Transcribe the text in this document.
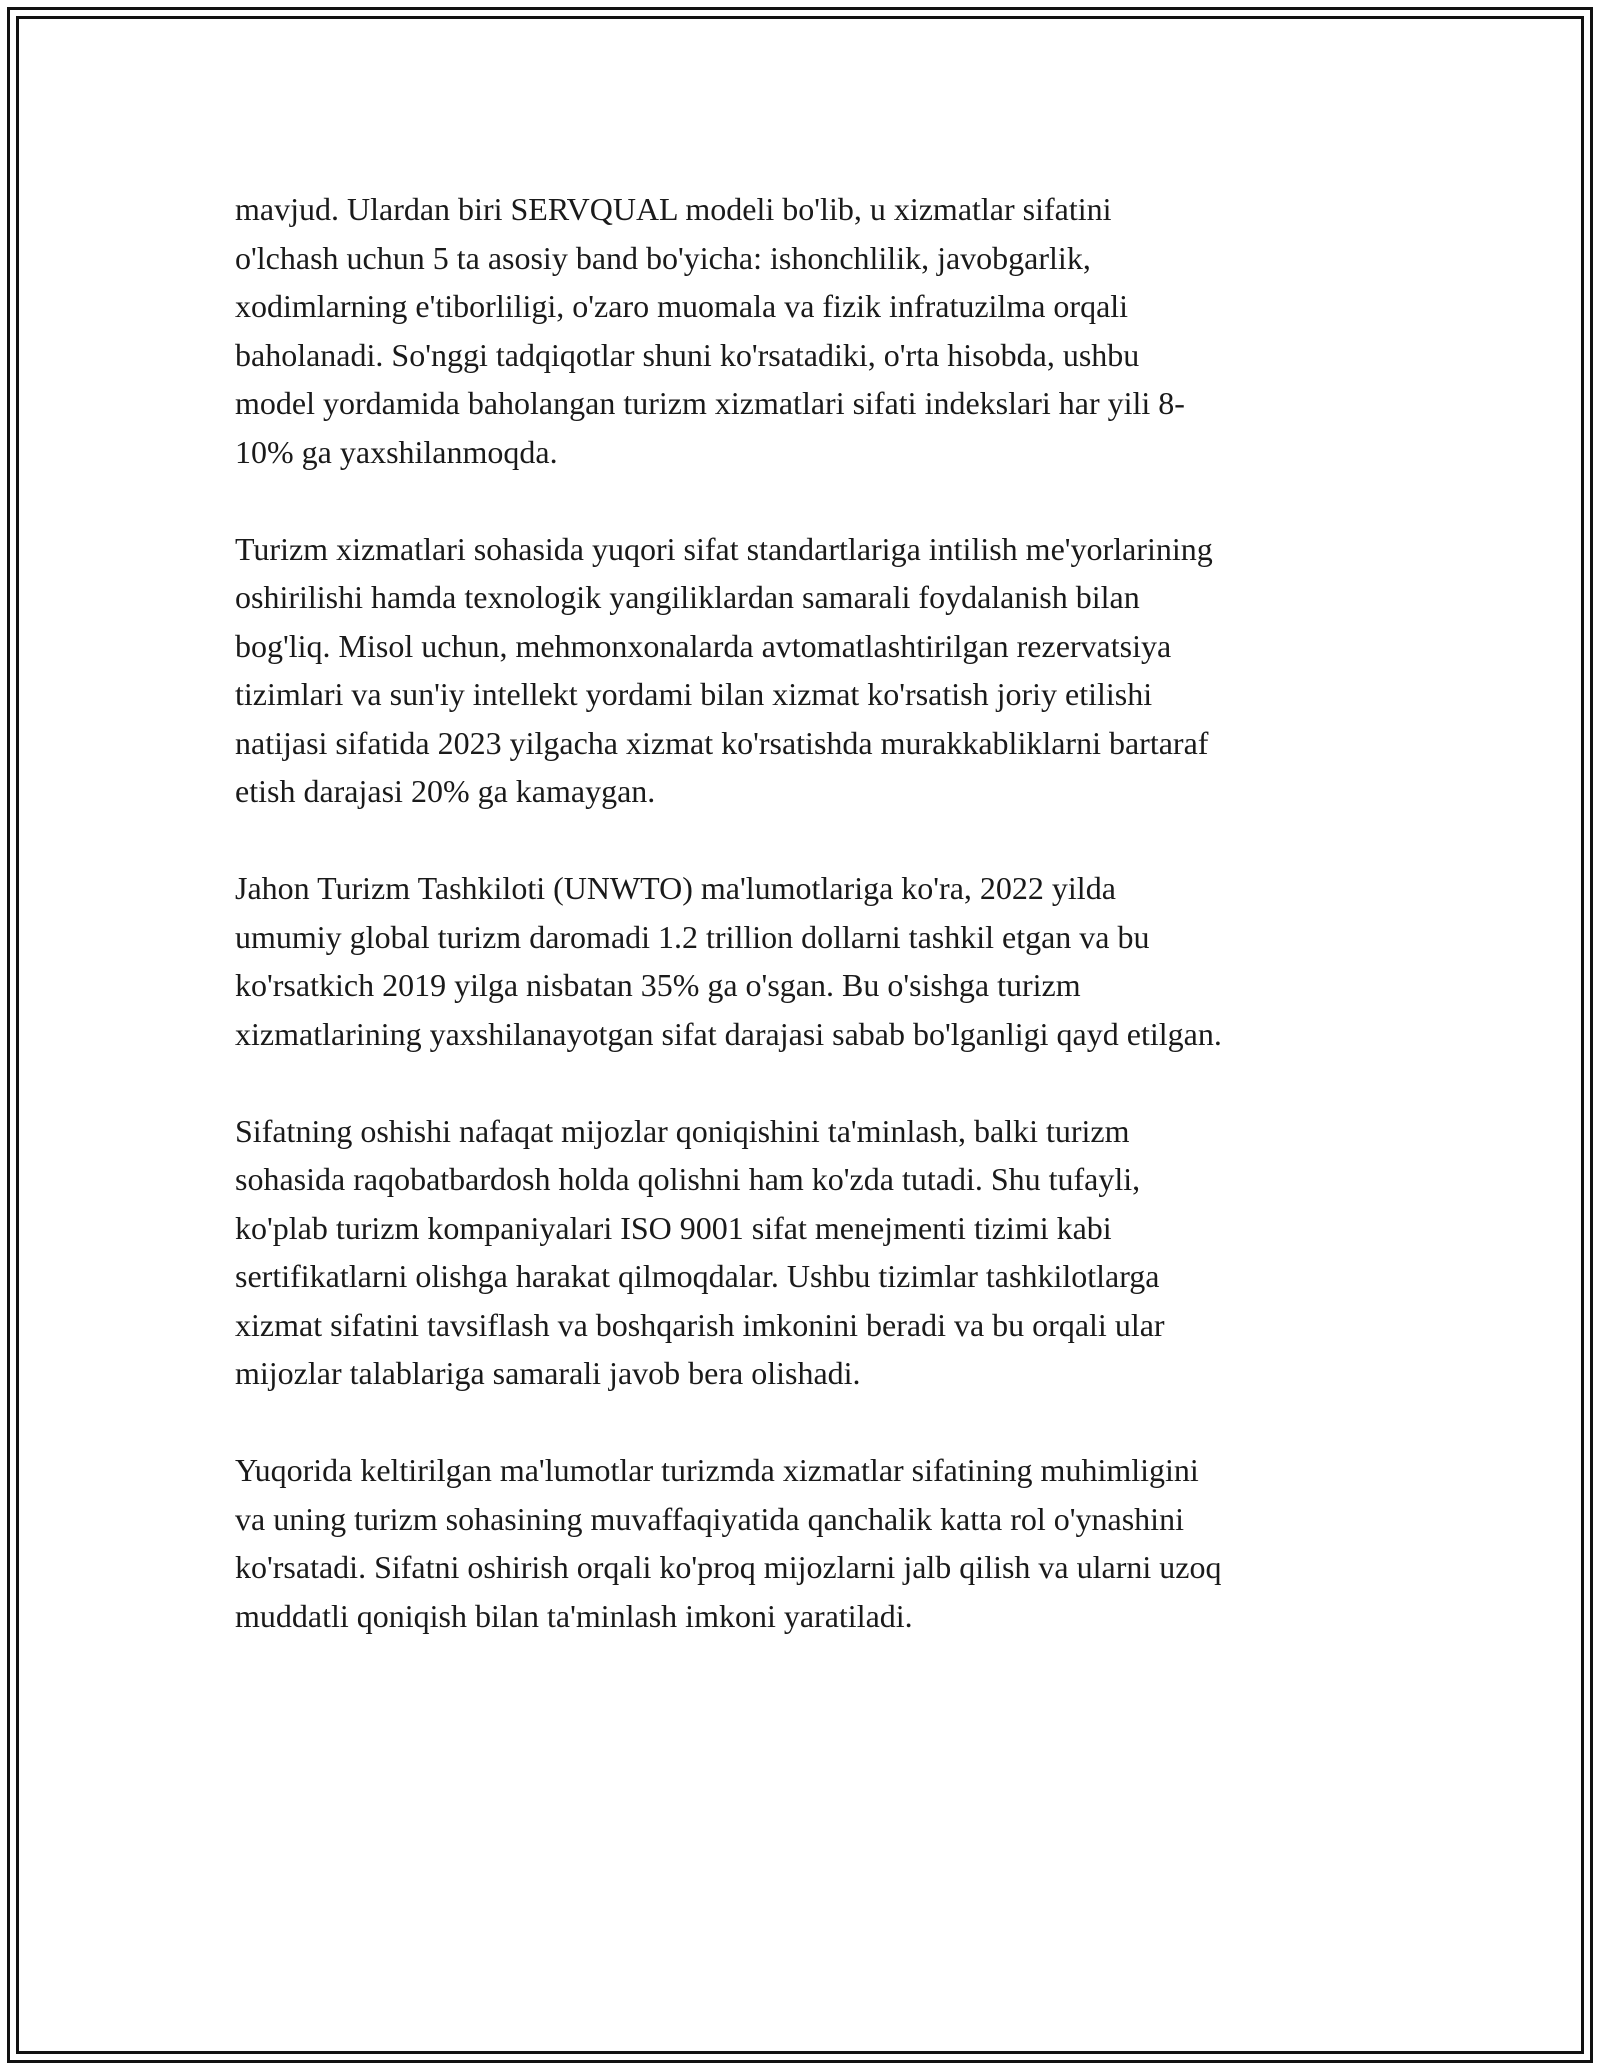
mavjud. Ulardan biri SERVQUAL modeli bo'lib, u xizmatlar sifatini
o'lchash uchun 5 ta asosiy band bo'yicha: ishonchlilik, javobgarlik,
xodimlarning e'tiborliligi, o'zaro muomala va fizik infratuzilma orqali
baholanadi. So'nggi tadqiqotlar shuni ko'rsatadiki, o'rta hisobda, ushbu
model yordamida baholangan turizm xizmatlari sifati indekslari har yili 8-
10% ga yaxshilanmoqda.

Turizm xizmatlari sohasida yuqori sifat standartlariga intilish me'yorlarining
oshirilishi hamda texnologik yangiliklardan samarali foydalanish bilan
bog'liq. Misol uchun, mehmonxonalarda avtomatlashtirilgan rezervatsiya
tizimlari va sun'iy intellekt yordami bilan xizmat ko'rsatish joriy etilishi
natijasi sifatida 2023 yilgacha xizmat ko'rsatishda murakkabliklarni bartaraf
etish darajasi 20% ga kamaygan.

Jahon Turizm Tashkiloti (UNWTO) ma'lumotlariga ko'ra, 2022 yilda
umumiy global turizm daromadi 1.2 trillion dollarni tashkil etgan va bu
ko'rsatkich 2019 yilga nisbatan 35% ga o'sgan. Bu o'sishga turizm
xizmatlarining yaxshilanayotgan sifat darajasi sabab bo'lganligi qayd etilgan.

Sifatning oshishi nafaqat mijozlar qoniqishini ta'minlash, balki turizm
sohasida raqobatbardosh holda qolishni ham ko'zda tutadi. Shu tufayli,
ko'plab turizm kompaniyalari ISO 9001 sifat menejmenti tizimi kabi
sertifikatlarni olishga harakat qilmoqdalar. Ushbu tizimlar tashkilotlarga
xizmat sifatini tavsiflash va boshqarish imkonini beradi va bu orqali ular
mijozlar talablariga samarali javob bera olishadi.

Yuqorida keltirilgan ma'lumotlar turizmda xizmatlar sifatining muhimligini
va uning turizm sohasining muvaffaqiyatida qanchalik katta rol o'ynashini
ko'rsatadi. Sifatni oshirish orqali ko'proq mijozlarni jalb qilish va ularni uzoq
muddatli qoniqish bilan ta'minlash imkoni yaratiladi.
